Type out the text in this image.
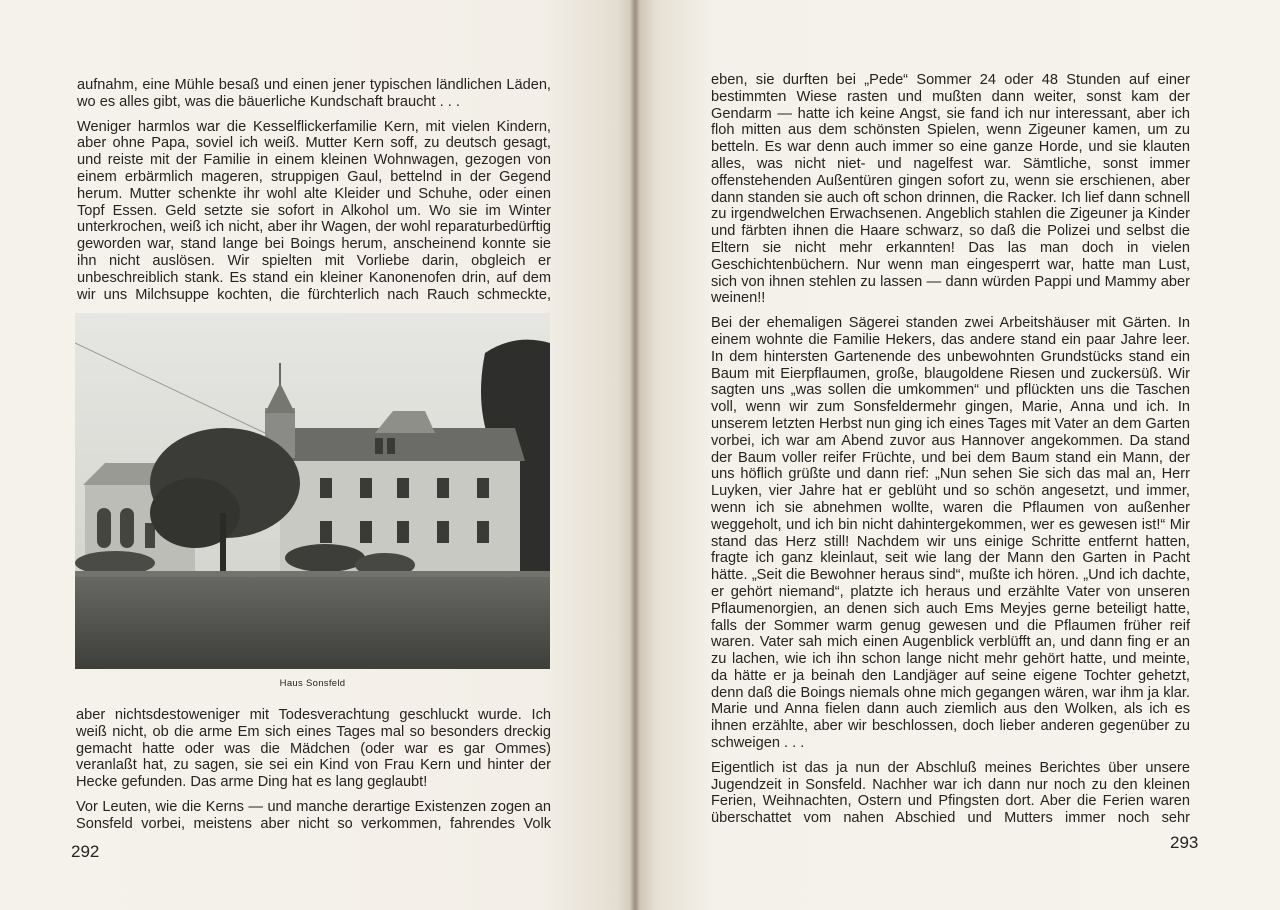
aufnahm, eine Mühle besaß und einen jener typischen ländlichen Läden, wo es alles gibt, was die bäuerliche Kundschaft braucht . . .

Weniger harmlos war die Kesselflickerfamilie Kern, mit vielen Kindern, aber ohne Papa, soviel ich weiß. Mutter Kern soff, zu deutsch gesagt, und reiste mit der Familie in einem kleinen Wohnwagen, gezogen von einem erbärmlich mageren, struppigen Gaul, bettelnd in der Gegend herum. Mutter schenkte ihr wohl alte Kleider und Schuhe, oder einen Topf Essen. Geld setzte sie sofort in Alkohol um. Wo sie im Winter unterkrochen, weiß ich nicht, aber ihr Wagen, der wohl reparaturbedürftig geworden war, stand lange bei Boings herum, anscheinend konnte sie ihn nicht auslösen. Wir spielten mit Vorliebe darin, obgleich er unbeschreiblich stank. Es stand ein kleiner Kanonenofen drin, auf dem wir uns Milchsuppe kochten, die fürchterlich nach Rauch schmeckte,

Haus Sonsfeld

aber nichtsdestoweniger mit Todesverachtung geschluckt wurde. Ich weiß nicht, ob die arme Em sich eines Tages mal so besonders dreckig gemacht hatte oder was die Mädchen (oder war es gar Ommes) veranlaßt hat, zu sagen, sie sei ein Kind von Frau Kern und hinter der Hecke gefunden. Das arme Ding hat es lang geglaubt!

Vor Leuten, wie die Kerns — und manche derartige Existenzen zogen an Sonsfeld vorbei, meistens aber nicht so verkommen, fahrendes Volk

292

eben, sie durften bei „Pede“ Sommer 24 oder 48 Stunden auf einer bestimmten Wiese rasten und mußten dann weiter, sonst kam der Gendarm — hatte ich keine Angst, sie fand ich nur interessant, aber ich floh mitten aus dem schönsten Spielen, wenn Zigeuner kamen, um zu betteln. Es war denn auch immer so eine ganze Horde, und sie klauten alles, was nicht niet- und nagelfest war. Sämtliche, sonst immer offenstehenden Außentüren gingen sofort zu, wenn sie erschienen, aber dann standen sie auch oft schon drinnen, die Racker. Ich lief dann schnell zu irgendwelchen Erwachsenen. Angeblich stahlen die Zigeuner ja Kinder und färbten ihnen die Haare schwarz, so daß die Polizei und selbst die Eltern sie nicht mehr erkannten! Das las man doch in vielen Geschichtenbüchern. Nur wenn man eingesperrt war, hatte man Lust, sich von ihnen stehlen zu lassen — dann würden Pappi und Mammy aber weinen!!

Bei der ehemaligen Sägerei standen zwei Arbeitshäuser mit Gärten. In einem wohnte die Familie Hekers, das andere stand ein paar Jahre leer. In dem hintersten Gartenende des unbewohnten Grundstücks stand ein Baum mit Eierpflaumen, große, blaugoldene Riesen und zuckersüß. Wir sagten uns „was sollen die umkommen“ und pflückten uns die Taschen voll, wenn wir zum Sonsfeldermehr gingen, Marie, Anna und ich. In unserem letzten Herbst nun ging ich eines Tages mit Vater an dem Garten vorbei, ich war am Abend zuvor aus Hannover angekommen. Da stand der Baum voller reifer Früchte, und bei dem Baum stand ein Mann, der uns höflich grüßte und dann rief: „Nun sehen Sie sich das mal an, Herr Luyken, vier Jahre hat er geblüht und so schön angesetzt, und immer, wenn ich sie abnehmen wollte, waren die Pflaumen von außenher weggeholt, und ich bin nicht dahintergekommen, wer es gewesen ist!“ Mir stand das Herz still! Nachdem wir uns einige Schritte entfernt hatten, fragte ich ganz kleinlaut, seit wie lang der Mann den Garten in Pacht hätte. „Seit die Bewohner heraus sind“, mußte ich hören. „Und ich dachte, er gehört niemand“, platzte ich heraus und erzählte Vater von unseren Pflaumenorgien, an denen sich auch Ems Meyjes gerne beteiligt hatte, falls der Sommer warm genug gewesen und die Pflaumen früher reif waren. Vater sah mich einen Augenblick verblüfft an, und dann fing er an zu lachen, wie ich ihn schon lange nicht mehr gehört hatte, und meinte, da hätte er ja beinah den Landjäger auf seine eigene Tochter gehetzt, denn daß die Boings niemals ohne mich gegangen wären, war ihm ja klar. Marie und Anna fielen dann auch ziemlich aus den Wolken, als ich es ihnen erzählte, aber wir beschlossen, doch lieber anderen gegenüber zu schweigen . . .

Eigentlich ist das ja nun der Abschluß meines Berichtes über unsere Jugendzeit in Sonsfeld. Nachher war ich dann nur noch zu den kleinen Ferien, Weihnachten, Ostern und Pfingsten dort. Aber die Ferien waren überschattet vom nahen Abschied und Mutters immer noch sehr

293
